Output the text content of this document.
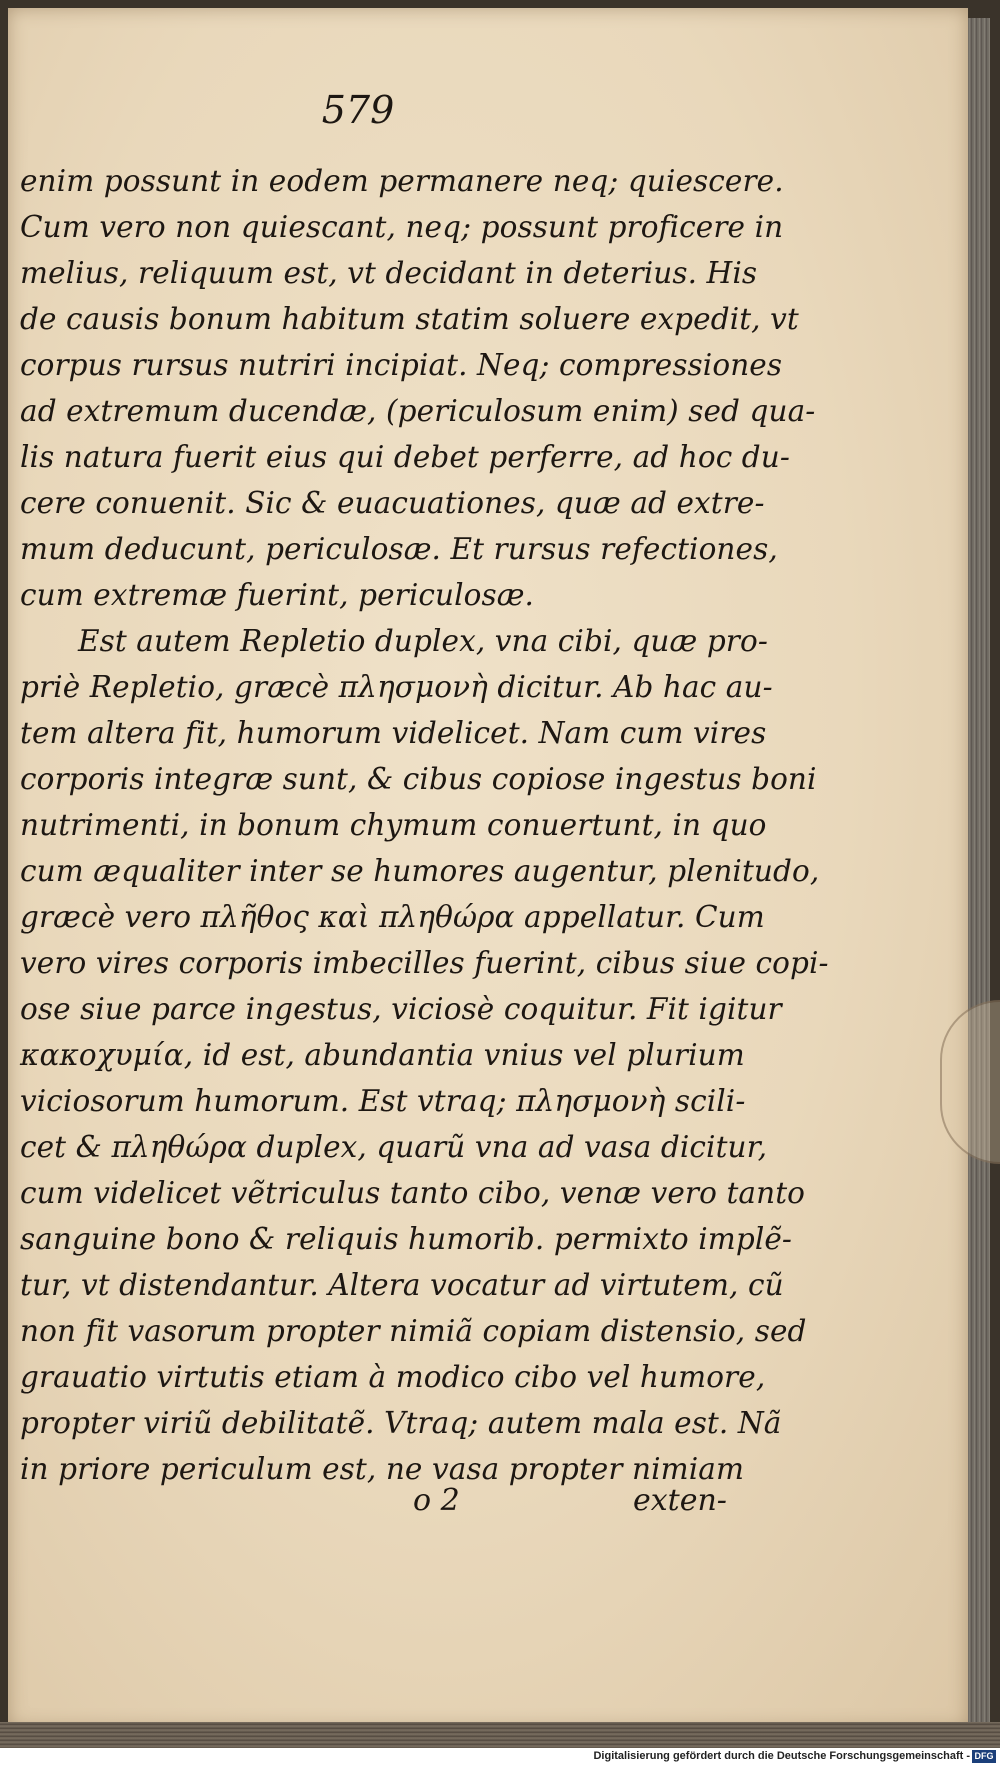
579
enim possunt in eodem permanere neq; quiescere.
Cum vero non quiescant, neq; possunt proficere in
melius, reliquum est, vt decidant in deterius. His
de causis bonum habitum statim soluere expedit, vt
corpus rursus nutriri incipiat. Neq; compressiones
ad extremum ducendæ, (periculosum enim) sed qua-
lis natura fuerit eius qui debet perferre, ad hoc du-
cere conuenit. Sic & euacuationes, quæ ad extre-
mum deducunt, periculosæ. Et rursus refectiones,
cum extremæ fuerint, periculosæ.
Est autem Repletio duplex, vna cibi, quæ pro-
priè Repletio, græcè πλησμονὴ dicitur. Ab hac au-
tem altera fit, humorum videlicet. Nam cum vires
corporis integræ sunt, & cibus copiose ingestus boni
nutrimenti, in bonum chymum conuertunt, in quo
cum æqualiter inter se humores augentur, plenitudo,
græcè vero πλῆθος καὶ πληθώρα appellatur. Cum
vero vires corporis imbecilles fuerint, cibus siue copi-
ose siue parce ingestus, viciosè coquitur. Fit igitur
κακοχυμία, id est, abundantia vnius vel plurium
viciosorum humorum. Est vtraq; πλησμονὴ scili-
cet & πληθώρα duplex, quarũ vna ad vasa dicitur,
cum videlicet vẽtriculus tanto cibo, venæ vero tanto
sanguine bono & reliquis humorib. permixto implẽ-
tur, vt distendantur. Altera vocatur ad virtutem, cũ
non fit vasorum propter nimiã copiam distensio, sed
grauatio virtutis etiam à modico cibo vel humore,
propter viriũ debilitatẽ. Vtraq; autem mala est. Nã
in priore periculum est, ne vasa propter nimiam
o 2	exten-
Digitalisierung gefördert durch die Deutsche Forschungsgemeinschaft - DFG
